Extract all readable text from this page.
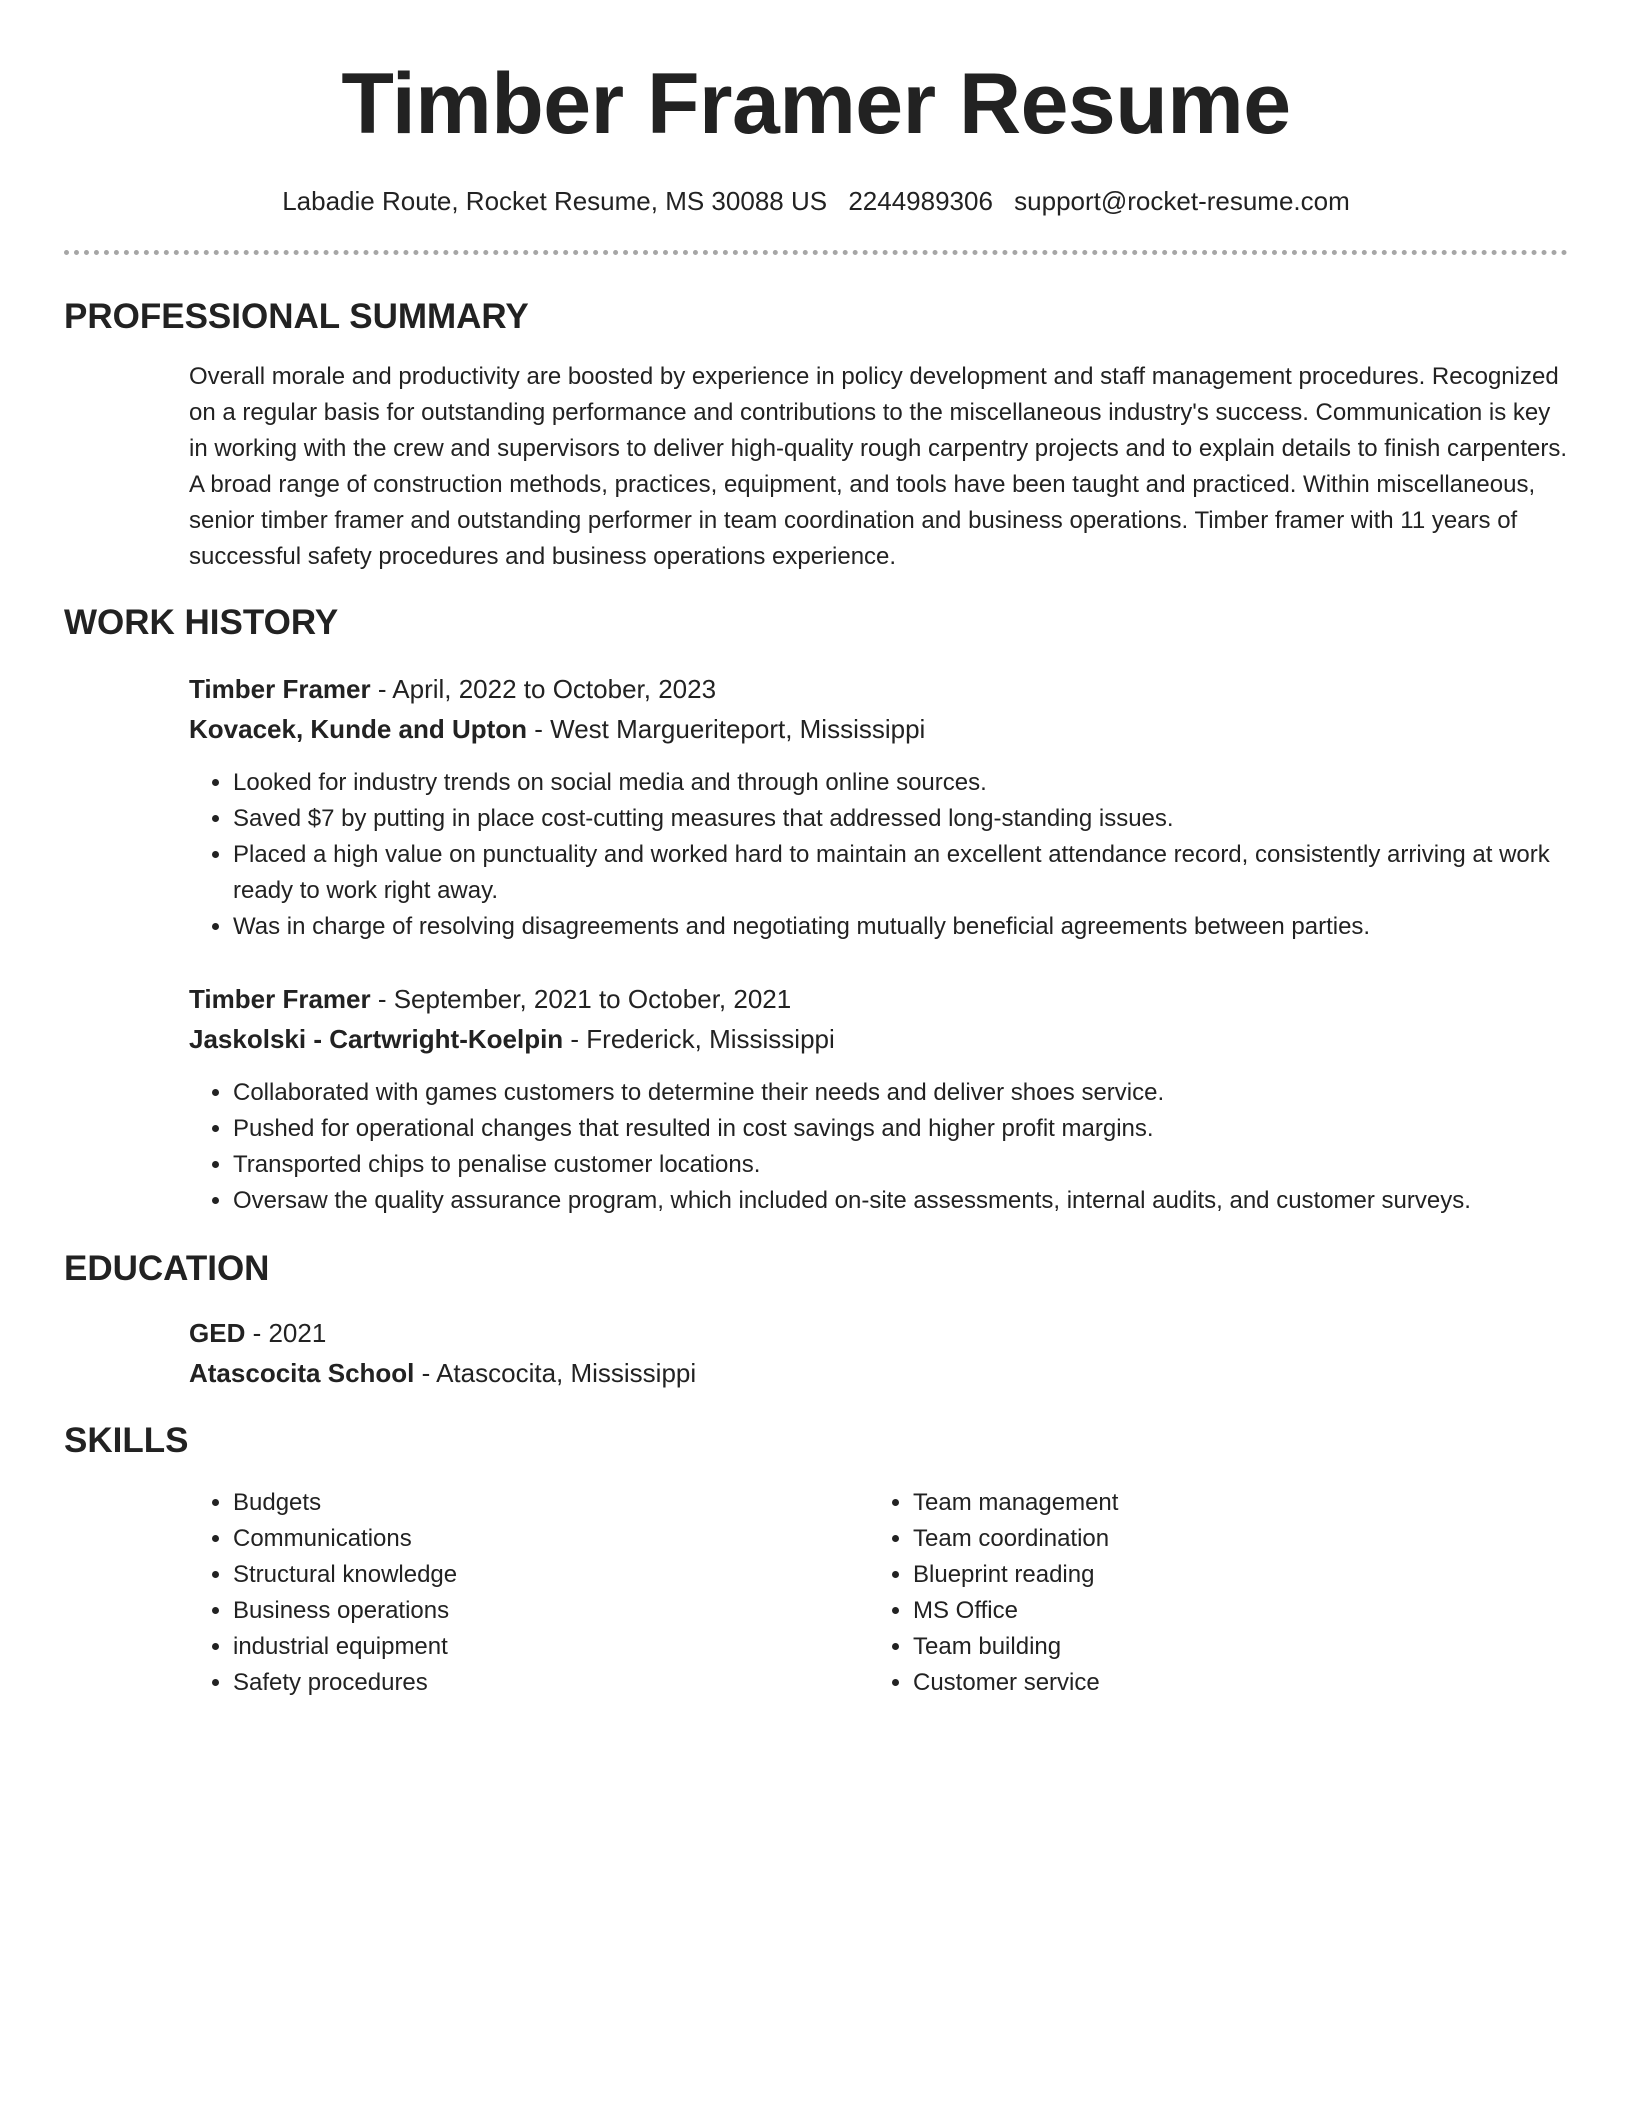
Timber Framer Resume
Labadie Route, Rocket Resume, MS 30088 US 2244989306 support@rocket-resume.com
PROFESSIONAL SUMMARY
Overall morale and productivity are boosted by experience in policy development and staff management procedures. Recognized on a regular basis for outstanding performance and contributions to the miscellaneous industry's success. Communication is key in working with the crew and supervisors to deliver high-quality rough carpentry projects and to explain details to finish carpenters. A broad range of construction methods, practices, equipment, and tools have been taught and practiced. Within miscellaneous, senior timber framer and outstanding performer in team coordination and business operations. Timber framer with 11 years of successful safety procedures and business operations experience.
WORK HISTORY
Timber Framer - April, 2022 to October, 2023
Kovacek, Kunde and Upton - West Margueriteport, Mississippi
• Looked for industry trends on social media and through online sources.
• Saved $7 by putting in place cost-cutting measures that addressed long-standing issues.
• Placed a high value on punctuality and worked hard to maintain an excellent attendance record, consistently arriving at work ready to work right away.
• Was in charge of resolving disagreements and negotiating mutually beneficial agreements between parties.
Timber Framer - September, 2021 to October, 2021
Jaskolski - Cartwright-Koelpin - Frederick, Mississippi
• Collaborated with games customers to determine their needs and deliver shoes service.
• Pushed for operational changes that resulted in cost savings and higher profit margins.
• Transported chips to penalise customer locations.
• Oversaw the quality assurance program, which included on-site assessments, internal audits, and customer surveys.
EDUCATION
GED - 2021
Atascocita School - Atascocita, Mississippi
SKILLS
• Budgets
• Communications
• Structural knowledge
• Business operations
• industrial equipment
• Safety procedures
• Team management
• Team coordination
• Blueprint reading
• MS Office
• Team building
• Customer service
